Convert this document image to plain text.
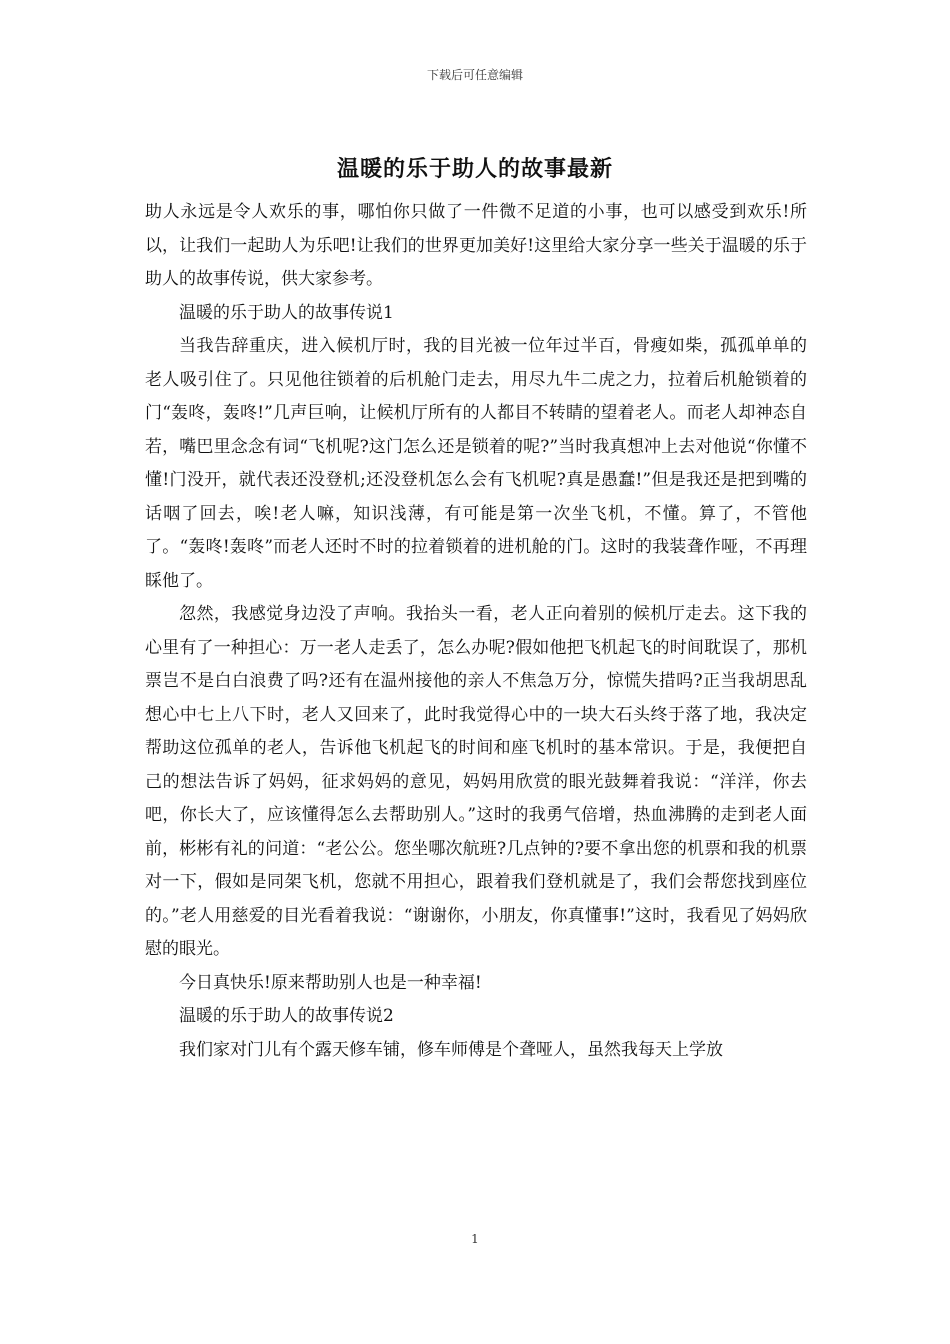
下载后可任意编辑
温暖的乐于助人的故事最新

助人永远是令人欢乐的事，哪怕你只做了一件微不足道的小事，也可以感受到欢乐!所以，让我们一起助人为乐吧!让我们的世界更加美好!这里给大家分享一些关于温暖的乐于助人的故事传说，供大家参考。

温暖的乐于助人的故事传说1

当我告辞重庆，进入候机厅时，我的目光被一位年过半百，骨瘦如柴，孤孤单单的老人吸引住了。只见他往锁着的后机舱门走去，用尽九牛二虎之力，拉着后机舱锁着的门“轰咚，轰咚!”几声巨响，让候机厅所有的人都目不转睛的望着老人。而老人却神态自若，嘴巴里念念有词“飞机呢?这门怎么还是锁着的呢?”当时我真想冲上去对他说“你懂不懂!门没开，就代表还没登机;还没登机怎么会有飞机呢?真是愚蠢!”但是我还是把到嘴的话咽了回去，唉!老人嘛，知识浅薄，有可能是第一次坐飞机，不懂。算了，不管他了。“轰咚!轰咚”而老人还时不时的拉着锁着的进机舱的门。这时的我装聋作哑，不再理睬他了。

忽然，我感觉身边没了声响。我抬头一看，老人正向着别的候机厅走去。这下我的心里有了一种担心：万一老人走丢了，怎么办呢?假如他把飞机起飞的时间耽误了，那机票岂不是白白浪费了吗?还有在温州接他的亲人不焦急万分，惊慌失措吗?正当我胡思乱想心中七上八下时，老人又回来了，此时我觉得心中的一块大石头终于落了地，我决定帮助这位孤单的老人，告诉他飞机起飞的时间和座飞机时的基本常识。于是，我便把自己的想法告诉了妈妈，征求妈妈的意见，妈妈用欣赏的眼光鼓舞着我说：“洋洋，你去吧，你长大了，应该懂得怎么去帮助别人。”这时的我勇气倍增，热血沸腾的走到老人面前，彬彬有礼的问道：“老公公。您坐哪次航班?几点钟的?要不拿出您的机票和我的机票对一下，假如是同架飞机，您就不用担心，跟着我们登机就是了，我们会帮您找到座位的。”老人用慈爱的目光看着我说：“谢谢你，小朋友，你真懂事!”这时，我看见了妈妈欣慰的眼光。

今日真快乐!原来帮助别人也是一种幸福!

温暖的乐于助人的故事传说2

我们家对门儿有个露天修车铺，修车师傅是个聋哑人，虽然我每天上学放

1
